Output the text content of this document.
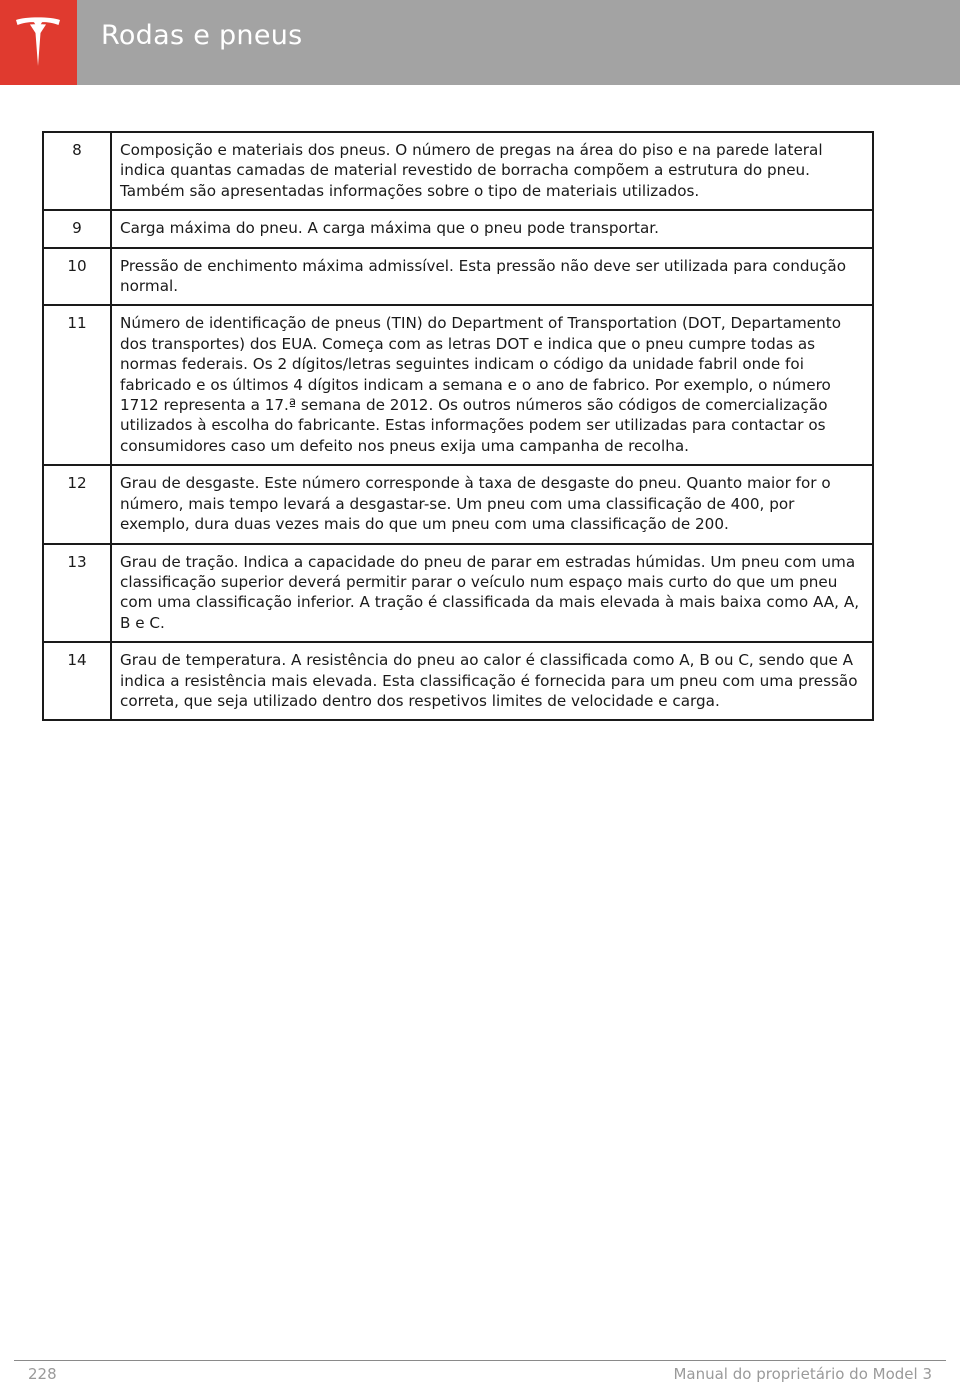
Rodas e pneus
8	Composição e materiais dos pneus. O número de pregas na área do piso e na parede lateral indica quantas camadas de material revestido de borracha compõem a estrutura do pneu. Também são apresentadas informações sobre o tipo de materiais utilizados.
9	Carga máxima do pneu. A carga máxima que o pneu pode transportar.
10	Pressão de enchimento máxima admissível. Esta pressão não deve ser utilizada para condução normal.
11	Número de identificação de pneus (TIN) do Department of Transportation (DOT, Departamento dos transportes) dos EUA. Começa com as letras DOT e indica que o pneu cumpre todas as normas federais. Os 2 dígitos/letras seguintes indicam o código da unidade fabril onde foi fabricado e os últimos 4 dígitos indicam a semana e o ano de fabrico. Por exemplo, o número 1712 representa a 17.ª semana de 2012. Os outros números são códigos de comercialização utilizados à escolha do fabricante. Estas informações podem ser utilizadas para contactar os consumidores caso um defeito nos pneus exija uma campanha de recolha.
12	Grau de desgaste. Este número corresponde à taxa de desgaste do pneu. Quanto maior for o número, mais tempo levará a desgastar-se. Um pneu com uma classificação de 400, por exemplo, dura duas vezes mais do que um pneu com uma classificação de 200.
13	Grau de tração. Indica a capacidade do pneu de parar em estradas húmidas. Um pneu com uma classificação superior deverá permitir parar o veículo num espaço mais curto do que um pneu com uma classificação inferior. A tração é classificada da mais elevada à mais baixa como AA, A, B e C.
14	Grau de temperatura. A resistência do pneu ao calor é classificada como A, B ou C, sendo que A indica a resistência mais elevada. Esta classificação é fornecida para um pneu com uma pressão correta, que seja utilizado dentro dos respetivos limites de velocidade e carga.
228	Manual do proprietário do Model 3
